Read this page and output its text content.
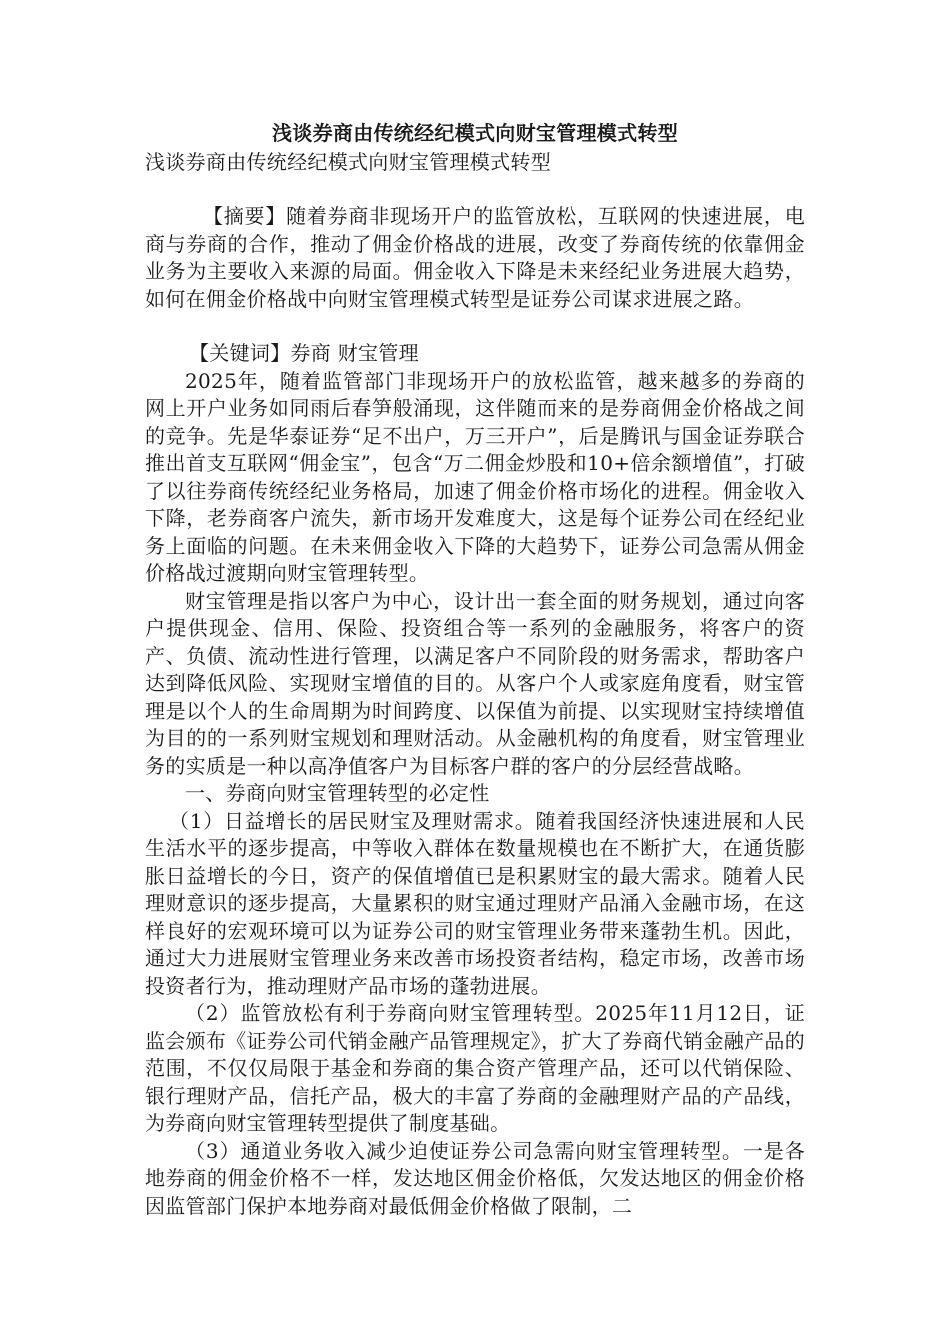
浅谈券商由传统经纪模式向财宝管理模式转型
浅谈券商由传统经纪模式向财宝管理模式转型

【摘要】随着券商非现场开户的监管放松，互联网的快速进展，电商与券商的合作，推动了佣金价格战的进展，改变了券商传统的依靠佣金业务为主要收入来源的局面。佣金收入下降是未来经纪业务进展大趋势，如何在佣金价格战中向财宝管理模式转型是证券公司谋求进展之路。

【关键词】券商 财宝管理

2025年，随着监管部门非现场开户的放松监管，越来越多的券商的网上开户业务如同雨后春笋般涌现，这伴随而来的是券商佣金价格战之间的竞争。先是华泰证券“足不出户，万三开户”，后是腾讯与国金证券联合推出首支互联网“佣金宝”，包含“万二佣金炒股和10+倍余额增值”，打破了以往券商传统经纪业务格局，加速了佣金价格市场化的进程。佣金收入下降，老券商客户流失，新市场开发难度大，这是每个证券公司在经纪业务上面临的问题。在未来佣金收入下降的大趋势下，证券公司急需从佣金价格战过渡期向财宝管理转型。

财宝管理是指以客户为中心，设计出一套全面的财务规划，通过向客户提供现金、信用、保险、投资组合等一系列的金融服务，将客户的资产、负债、流动性进行管理，以满足客户不同阶段的财务需求，帮助客户达到降低风险、实现财宝增值的目的。从客户个人或家庭角度看，财宝管理是以个人的生命周期为时间跨度、以保值为前提、以实现财宝持续增值为目的的一系列财宝规划和理财活动。从金融机构的角度看，财宝管理业务的实质是一种以高净值客户为目标客户群的客户的分层经营战略。

一、券商向财宝管理转型的必定性

（1）日益增长的居民财宝及理财需求。随着我国经济快速进展和人民生活水平的逐步提高，中等收入群体在数量规模也在不断扩大，在通货膨胀日益增长的今日，资产的保值增值已是积累财宝的最大需求。随着人民理财意识的逐步提高，大量累积的财宝通过理财产品涌入金融市场，在这样良好的宏观环境可以为证券公司的财宝管理业务带来蓬勃生机。因此，通过大力进展财宝管理业务来改善市场投资者结构，稳定市场，改善市场投资者行为，推动理财产品市场的蓬勃进展。

（2）监管放松有利于券商向财宝管理转型。2025年11月12日，证监会颁布《证券公司代销金融产品管理规定》，扩大了券商代销金融产品的范围，不仅仅局限于基金和券商的集合资产管理产品，还可以代销保险、银行理财产品，信托产品，极大的丰富了券商的金融理财产品的产品线，为券商向财宝管理转型提供了制度基础。

（3）通道业务收入减少迫使证券公司急需向财宝管理转型。一是各地券商的佣金价格不一样，发达地区佣金价格低，欠发达地区的佣金价格因监管部门保护本地券商对最低佣金价格做了限制，二
